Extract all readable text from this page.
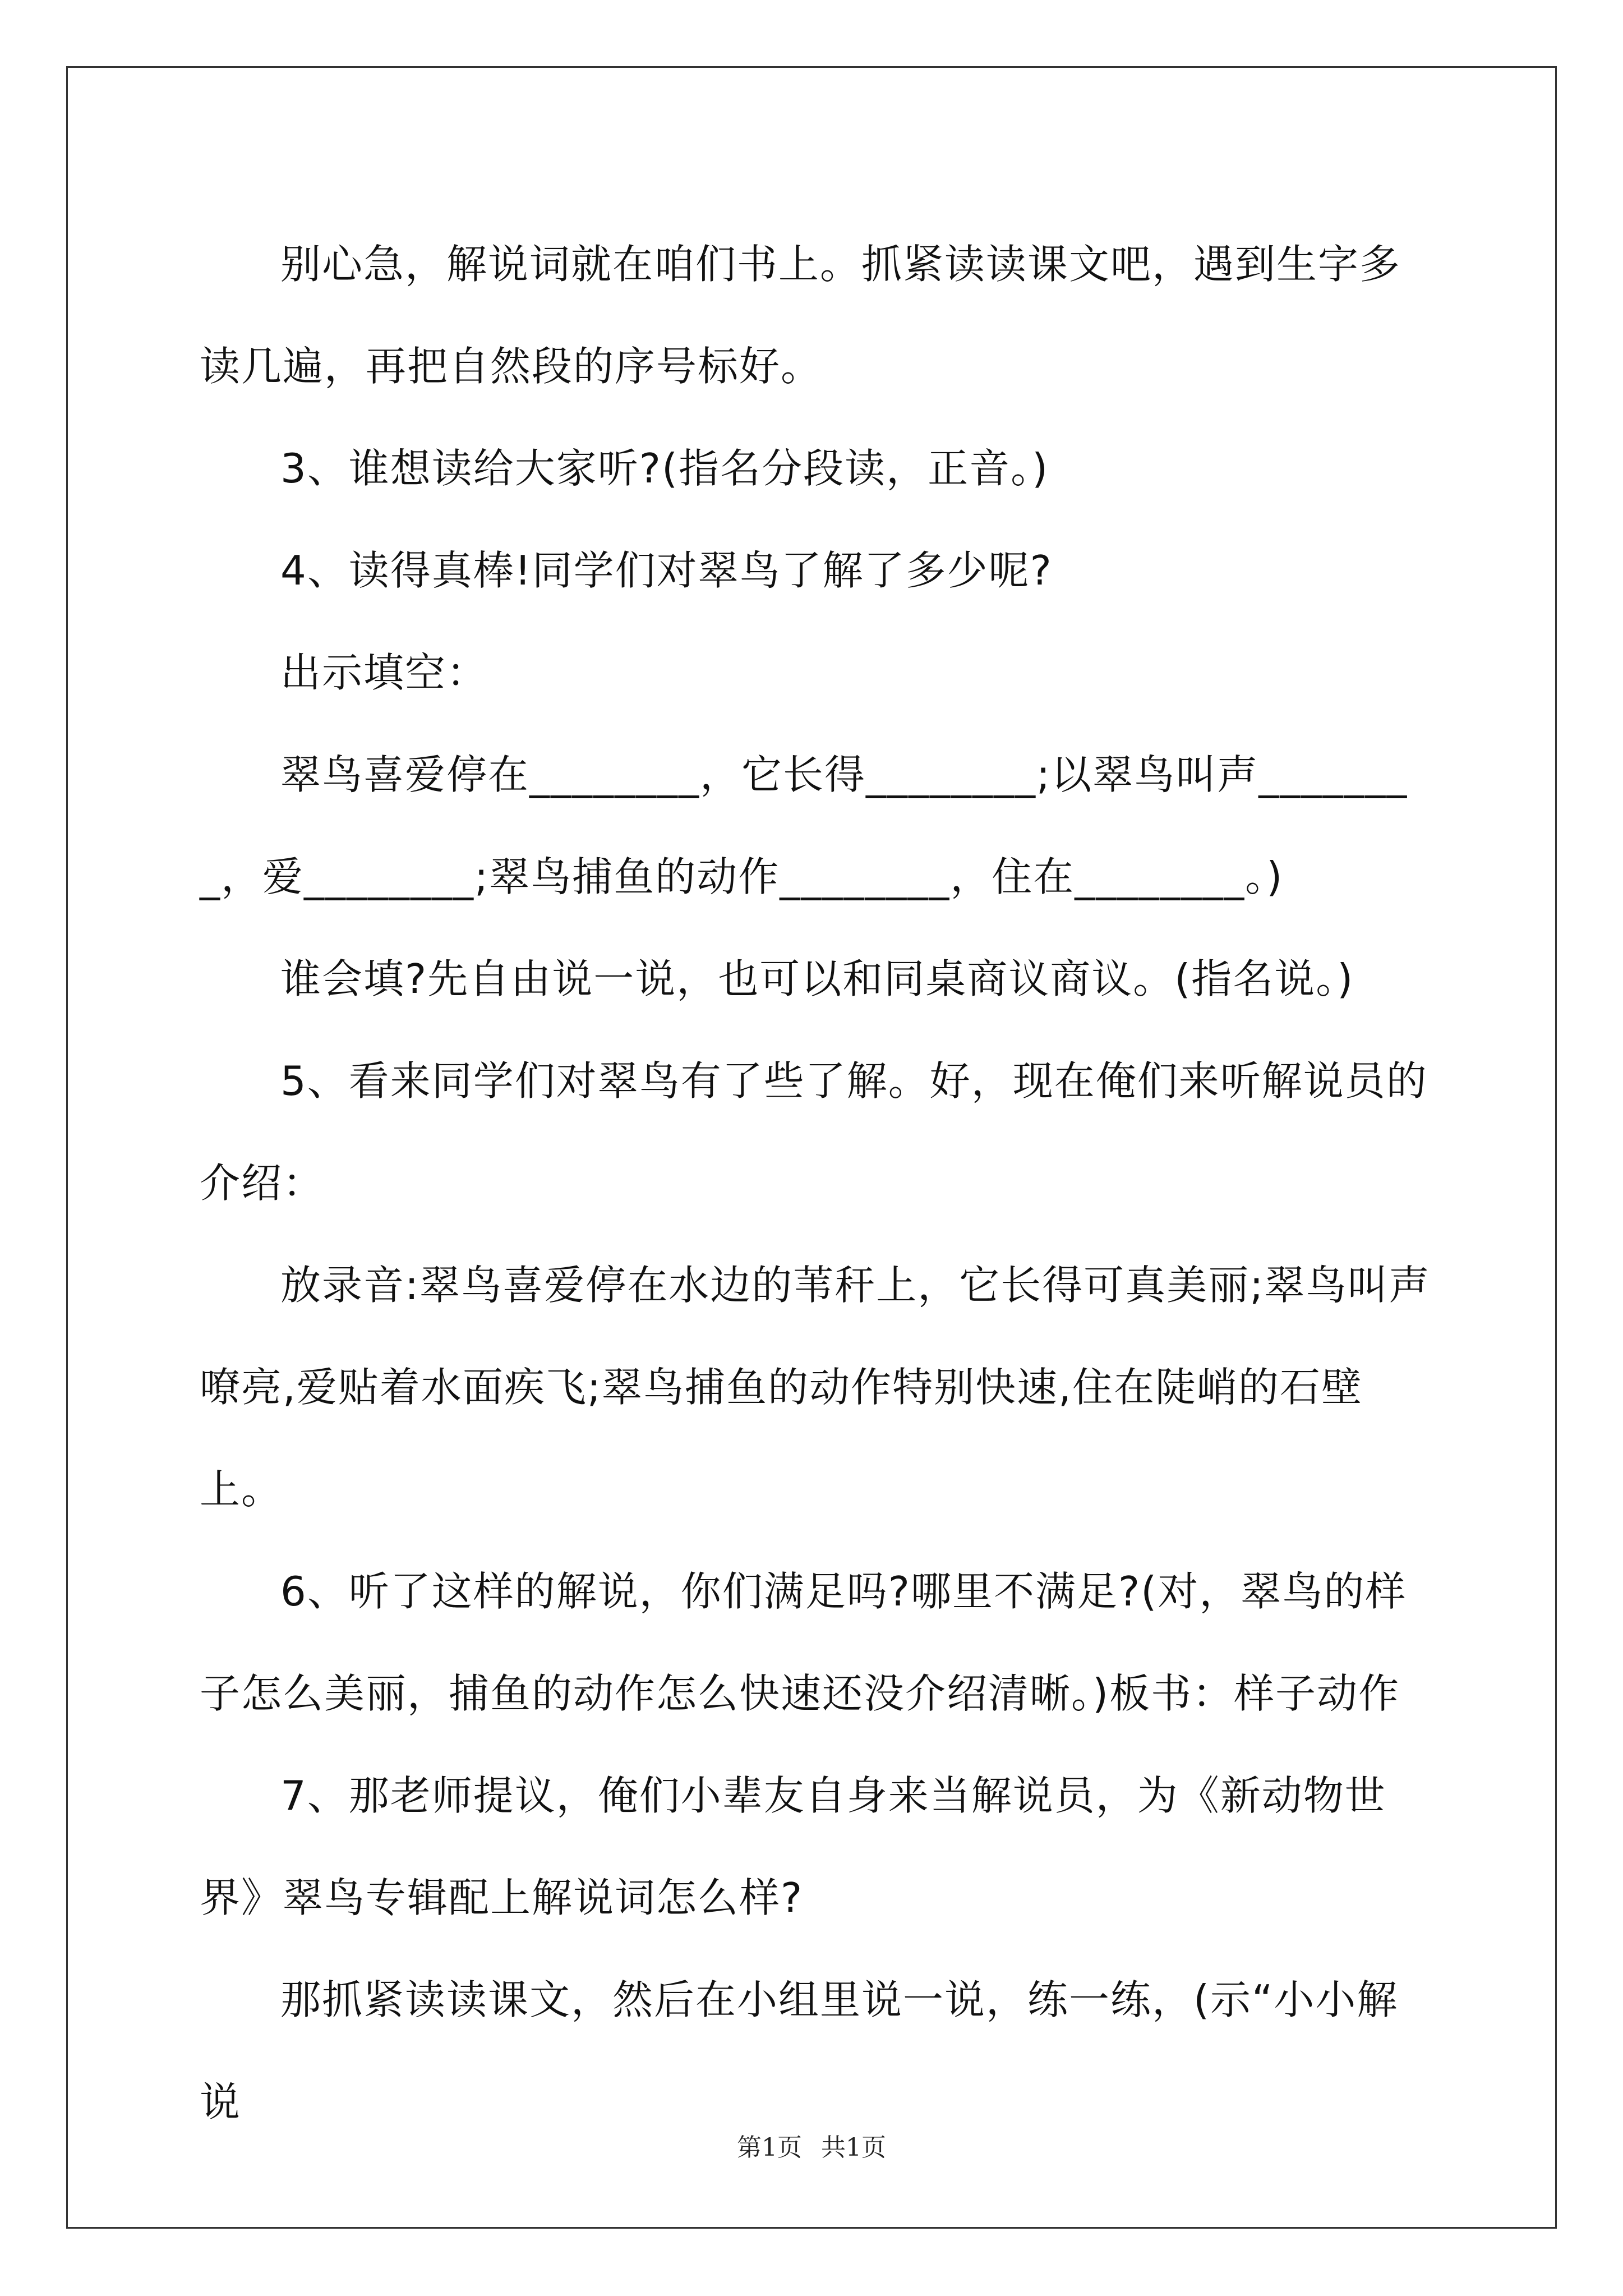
别心急，解说词就在咱们书上。抓紧读读课文吧，遇到生字多读几遍，再把自然段的序号标好。

3、谁想读给大家听?(指名分段读，正音。)

4、读得真棒!同学们对翠鸟了解了多少呢?

出示填空：

翠鸟喜爱停在________，它长得________;以翠鸟叫声________，爱________;翠鸟捕鱼的动作________，住在________。)

谁会填?先自由说一说，也可以和同桌商议商议。(指名说。)

5、看来同学们对翠鸟有了些了解。好，现在俺们来听解说员的介绍：

放录音:翠鸟喜爱停在水边的苇秆上，它长得可真美丽;翠鸟叫声嘹亮,爱贴着水面疾飞;翠鸟捕鱼的动作特别快速,住在陡峭的石壁上。

6、听了这样的解说，你们满足吗?哪里不满足?(对，翠鸟的样子怎么美丽，捕鱼的动作怎么快速还没介绍清晰。)板书：样子动作

7、那老师提议，俺们小辈友自身来当解说员，为《新动物世界》翠鸟专辑配上解说词怎么样?

那抓紧读读课文，然后在小组里说一说，练一练，(示“小小解说

第1页 共1页
